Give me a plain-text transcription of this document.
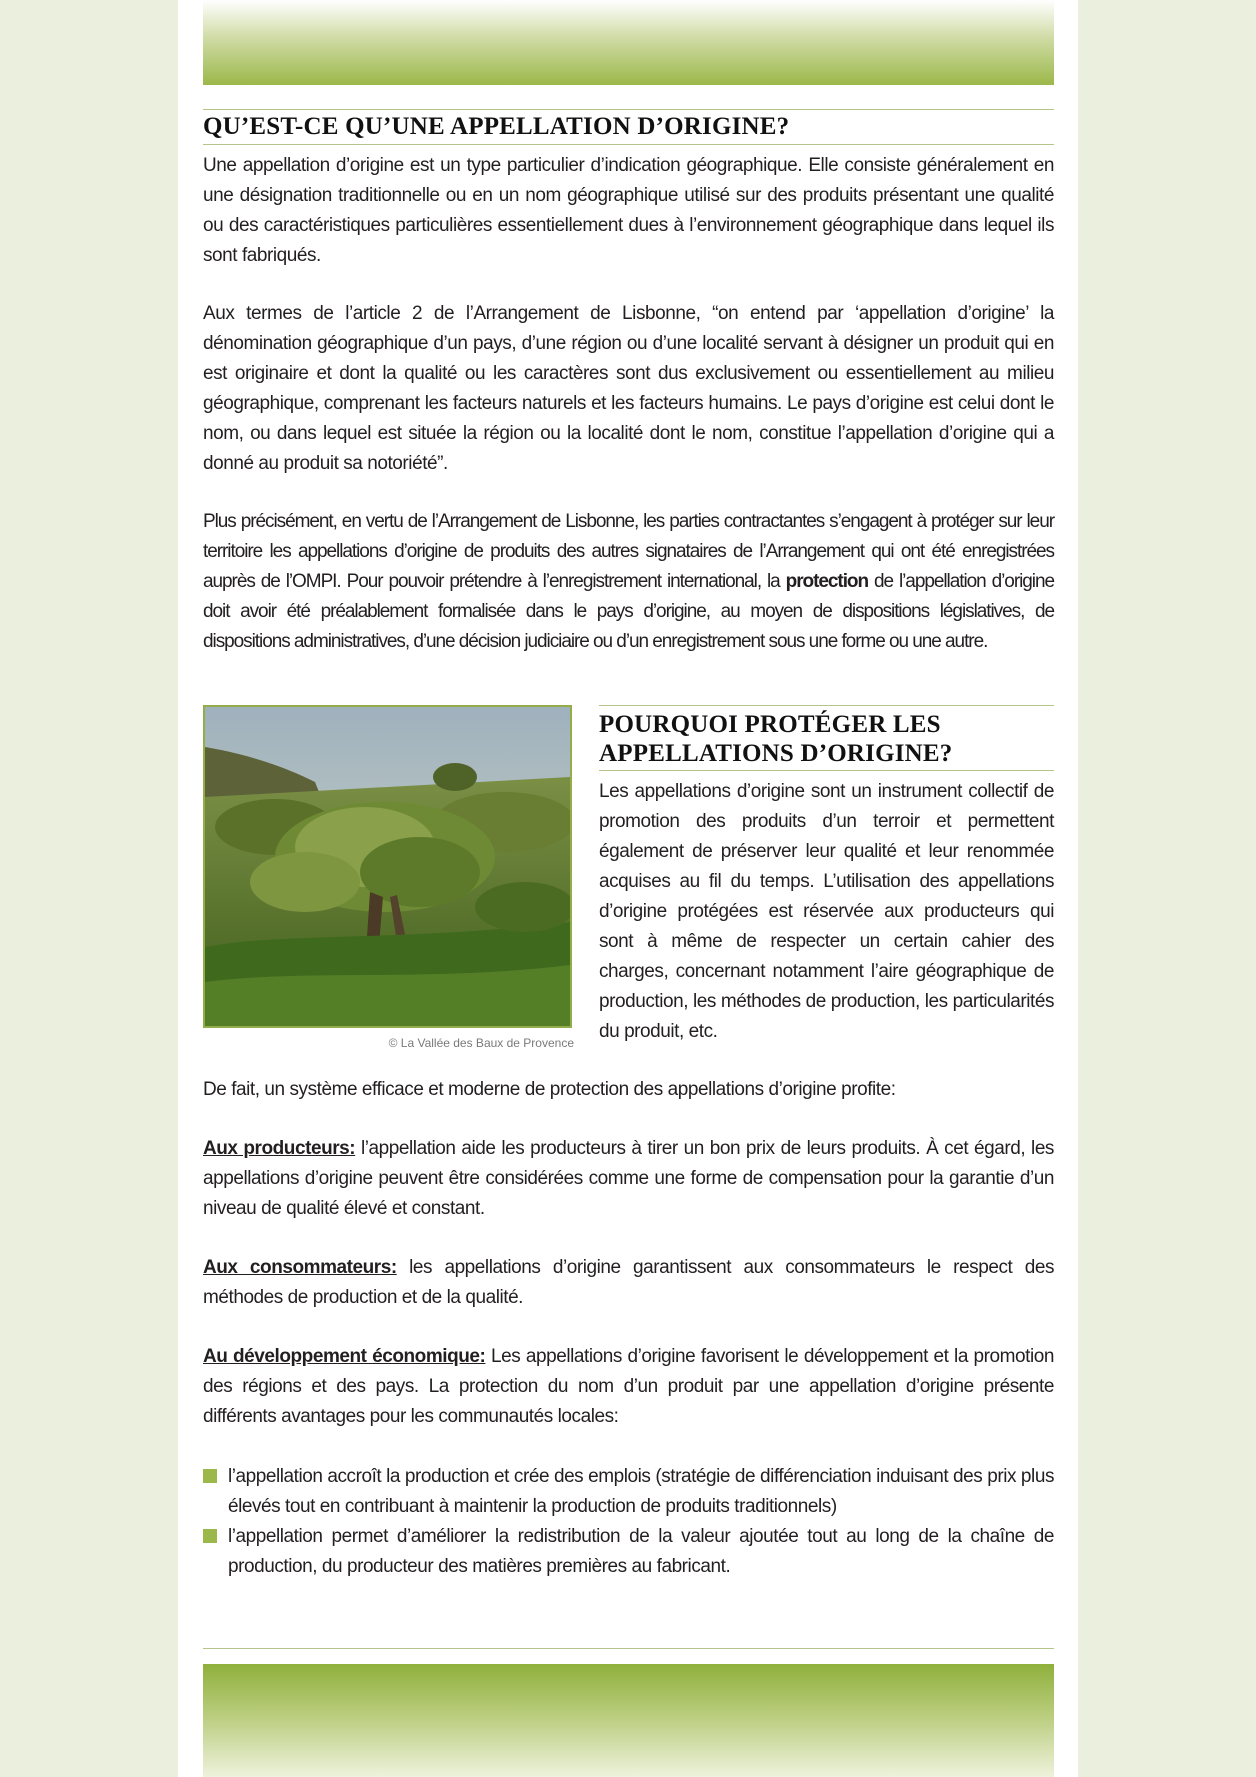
QU’EST-CE QU’UNE APPELLATION D’ORIGINE?

Une appellation d’origine est un type particulier d’indication géographique. Elle consiste généralement en une désignation traditionnelle ou en un nom géographique utilisé sur des produits présentant une qualité ou des caractéristiques particulières essentiellement dues à l’environnement géographique dans lequel ils sont fabriqués.

Aux termes de l’article 2 de l’Arrangement de Lisbonne, “on entend par ‘appellation d’origine’ la dénomination géographique d’un pays, d’une région ou d’une localité servant à désigner un produit qui en est originaire et dont la qualité ou les caractères sont dus exclusivement ou essentiellement au milieu géographique, comprenant les facteurs naturels et les facteurs humains. Le pays d’origine est celui dont le nom, ou dans lequel est située la région ou la localité dont le nom, constitue l’appellation d’origine qui a donné au produit sa notoriété”.

Plus précisément, en vertu de l’Arrangement de Lisbonne, les parties contractantes s’engagent à protéger sur leur territoire les appellations d’origine de produits des autres signataires de l’Arrangement qui ont été enregistrées auprès de l’OMPI. Pour pouvoir prétendre à l’enregistrement international, la protection de l’appellation d’origine doit avoir été préalablement formalisée dans le pays d’origine, au moyen de dispositions législatives, de dispositions administratives, d’une décision judiciaire ou d’un enregistrement sous une forme ou une autre.

© La Vallée des Baux de Provence
POURQUOI PROTÉGER LES
APPELLATIONS D’ORIGINE?

Les appellations d’origine sont un instrument collectif de promotion des produits d’un terroir et permettent également de préserver leur qualité et leur renommée acquises au fil du temps. L’utilisation des appellations d’origine protégées est réservée aux producteurs qui sont à même de respecter un certain cahier des charges, concernant notamment l’aire géographique de production, les méthodes de production, les particularités du produit, etc.

De fait, un système efficace et moderne de protection des appellations d’origine profite:

Aux producteurs: l’appellation aide les producteurs à tirer un bon prix de leurs produits. À cet égard, les appellations d’origine peuvent être considérées comme une forme de compensation pour la garantie d’un niveau de qualité élevé et constant.

Aux consommateurs: les appellations d’origine garantissent aux consommateurs le respect des méthodes de production et de la qualité.

Au développement économique: Les appellations d’origine favorisent le développement et la promotion des régions et des pays. La protection du nom d’un produit par une appellation d’origine présente différents avantages pour les communautés locales:

l’appellation accroît la production et crée des emplois (stratégie de différenciation induisant des prix plus élevés tout en contribuant à maintenir la production de produits traditionnels)
l’appellation permet d’améliorer la redistribution de la valeur ajoutée tout au long de la chaîne de production, du producteur des matières premières au fabricant.
